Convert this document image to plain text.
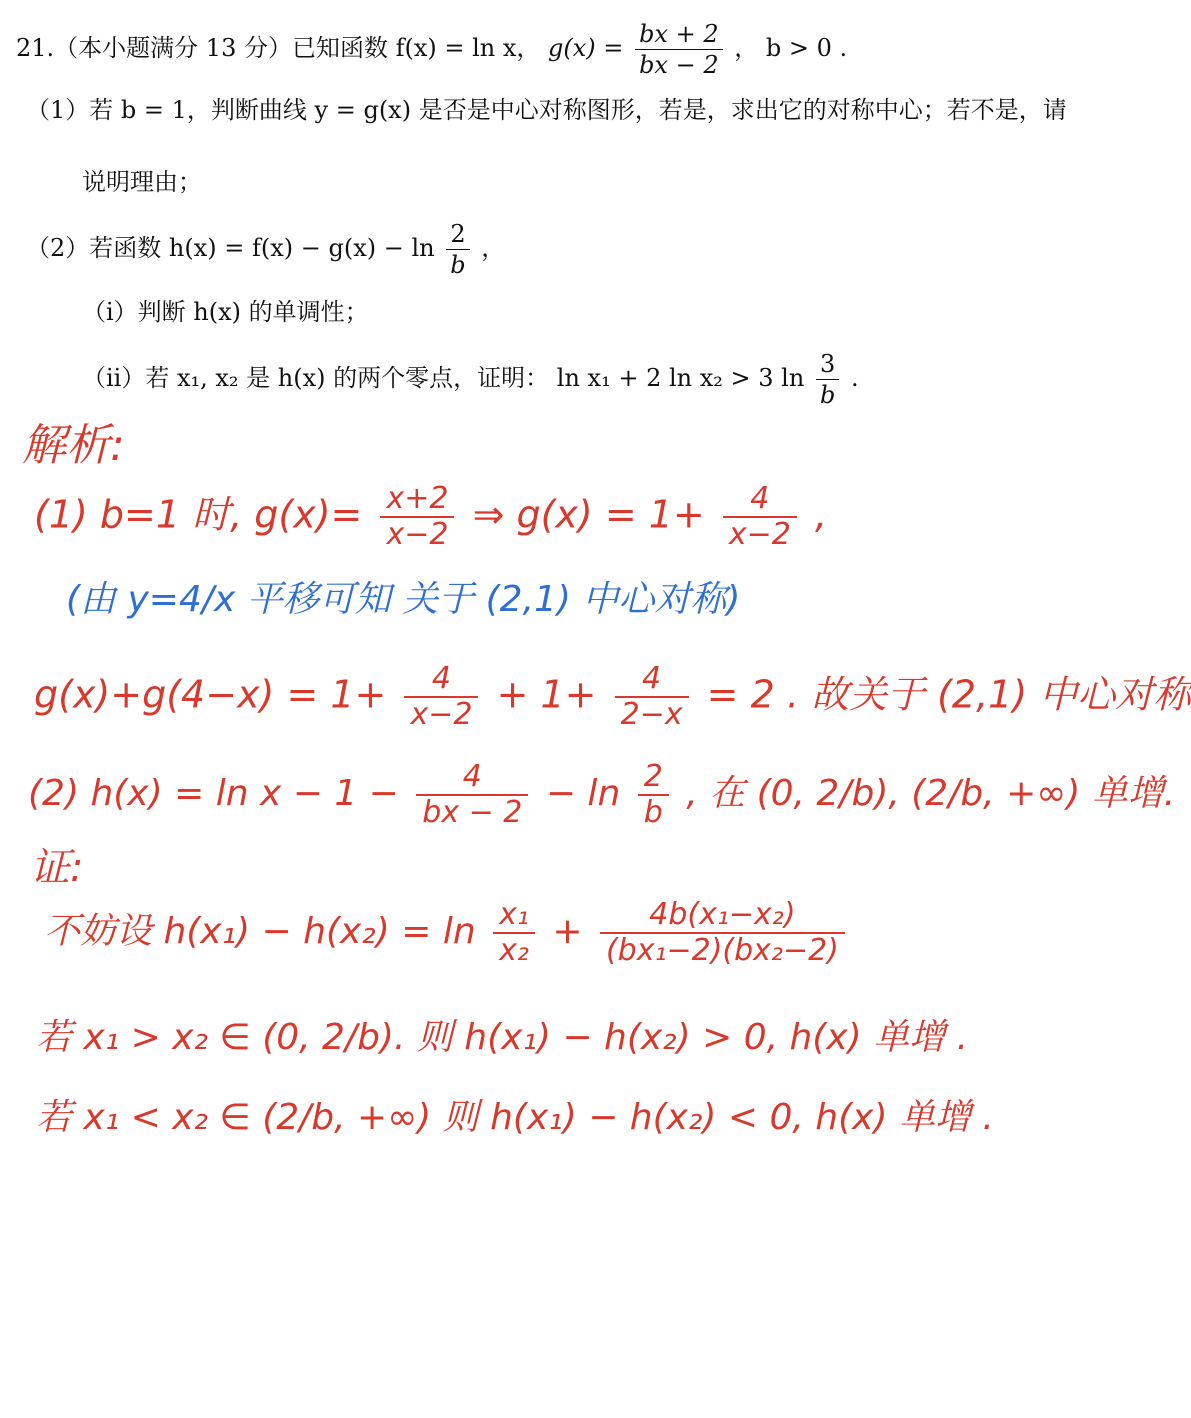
21.（本小题满分 13 分）已知函数 f(x) = ln x， $g(x) = \frac{bx + 2}{bx - 2}$ ， b > 0 .
（1）若 b = 1，判断曲线 y = g(x) 是否是中心对称图形，若是，求出它的对称中心；若不是，请
说明理由；
（2）若函数 $h(x) = f(x) - g(x) - \ln \frac{2}{b}$ ，
（i）判断 h(x) 的单调性；
（ii）若 x₁, x₂ 是 h(x) 的两个零点，证明： ln x₁ + 2 ln x₂ > 3 $\ln \frac{3}{b}$ .
解析:
(1) b=1 时, $g(x)= \frac{x+2}{x-2}$ ⇒ $g(x) = 1+ \frac{4}{x-2}$ ,
(由 y=4/x 平移可知 关于 (2,1) 中心对称)
$g(x)+g(4-x) = 1+ \frac{4}{x-2} + 1+ \frac{4}{2-x} = 2$ . 故关于 (2,1) 中心对称
(2) $h(x) = \ln x - 1 - \frac{4}{bx - 2} - \ln \frac{2}{b}$ , 在 (0, 2/b), (2/b, +∞) 单增.
证:
不妨设 $h(x_1) - h(x_2) = \ln \frac{\text{x₁}}{\text{x₂}} + \frac{\text{4b(x₁−x₂)}}{\text{(bx₁−2)(bx₂−2)}}$
若 x₁ > x₂ ∈ (0, 2/b). 则 h(x₁) − h(x₂) > 0, h(x) 单增 .
若 x₁ < x₂ ∈ (2/b, +∞) 则 h(x₁) − h(x₂) < 0, h(x) 单增 .
